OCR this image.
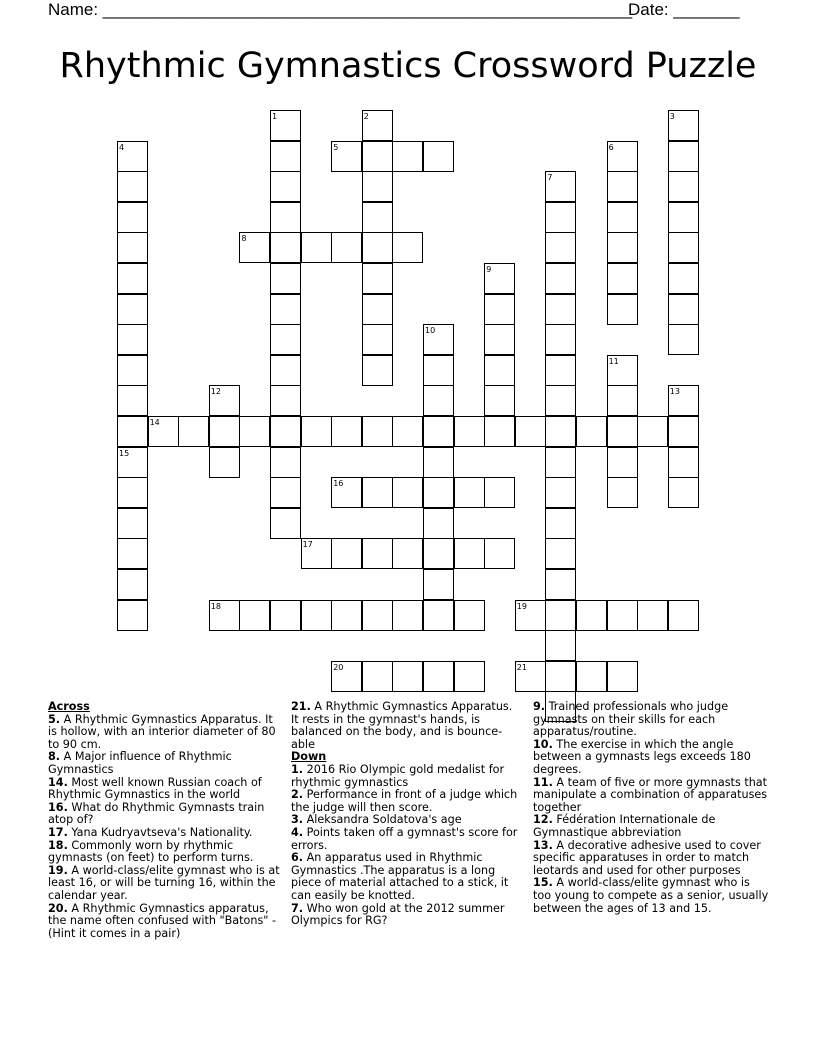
Name: ________________________________________________________
Date: _______
Rhythmic Gymnastics Crossword Puzzle
1	2	3
4	5	6
7
8
9
10
11
12	13
14
15
16
17
18	19
20	21
Across
5. A Rhythmic Gymnastics Apparatus. It is hollow, with an interior diameter of 80 to 90 cm.
8. A Major influence of Rhythmic Gymnastics
14. Most well known Russian coach of Rhythmic Gymnastics in the world
16. What do Rhythmic Gymnasts train atop of?
17. Yana Kudryavtseva's Nationality.
18. Commonly worn by rhythmic gymnasts (on feet) to perform turns.
19. A world-class/elite gymnast who is at least 16, or will be turning 16, within the calendar year.
20. A Rhythmic Gymnastics apparatus, the name often confused with "Batons" - (Hint it comes in a pair)
21. A Rhythmic Gymnastics Apparatus. It rests in the gymnast's hands, is balanced on the body, and is bounce-able
Down
1. 2016 Rio Olympic gold medalist for rhythmic gymnastics
2. Performance in front of a judge which the judge will then score.
3. Aleksandra Soldatova's age
4. Points taken off a gymnast's score for errors.
6. An apparatus used in Rhythmic Gymnastics .The apparatus is a long piece of material attached to a stick, it can easily be knotted.
7. Who won gold at the 2012 summer Olympics for RG?
9. Trained professionals who judge gymnasts on their skills for each apparatus/routine.
10. The exercise in which the angle between a gymnasts legs exceeds 180 degrees.
11. A team of five or more gymnasts that manipulate a combination of apparatuses together
12. Fédération Internationale de Gymnastique abbreviation
13. A decorative adhesive used to cover specific apparatuses in order to match leotards and used for other purposes
15. A world-class/elite gymnast who is too young to compete as a senior, usually between the ages of 13 and 15.
